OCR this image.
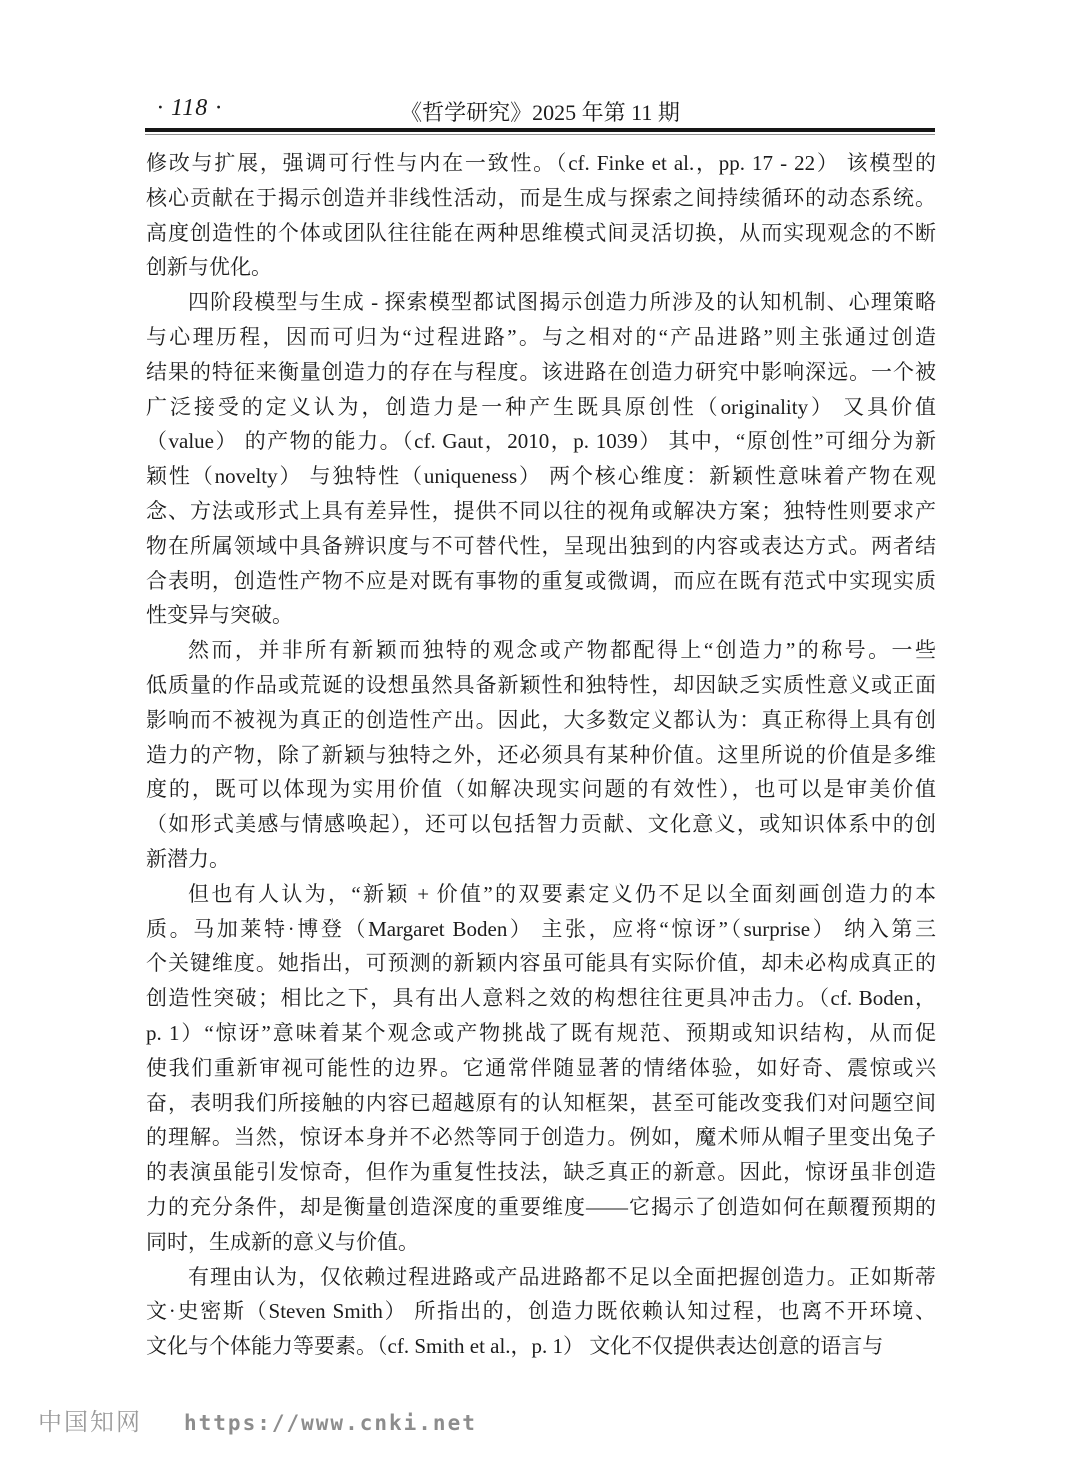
· 118 ·	《哲学研究》2025 年第 11 期
修改与扩展，强调可行性与内在一致性。（cf. Finke et al.，pp. 17 - 22） 该模型的
核心贡献在于揭示创造并非线性活动，而是生成与探索之间持续循环的动态系统。
高度创造性的个体或团队往往能在两种思维模式间灵活切换，从而实现观念的不断
创新与优化。
四阶段模型与生成 - 探索模型都试图揭示创造力所涉及的认知机制、心理策略
与心理历程，因而可归为“过程进路”。与之相对的“产品进路”则主张通过创造
结果的特征来衡量创造力的存在与程度。该进路在创造力研究中影响深远。一个被
广泛接受的定义认为，创造力是一种产生既具原创性（originality） 又具价值
（value） 的产物的能力。（cf. Gaut，2010，p. 1039） 其中，“原创性”可细分为新
颖性（novelty） 与独特性（uniqueness） 两个核心维度：新颖性意味着产物在观
念、方法或形式上具有差异性，提供不同以往的视角或解决方案；独特性则要求产
物在所属领域中具备辨识度与不可替代性，呈现出独到的内容或表达方式。两者结
合表明，创造性产物不应是对既有事物的重复或微调，而应在既有范式中实现实质
性变异与突破。
然而，并非所有新颖而独特的观念或产物都配得上“创造力”的称号。一些
低质量的作品或荒诞的设想虽然具备新颖性和独特性，却因缺乏实质性意义或正面
影响而不被视为真正的创造性产出。因此，大多数定义都认为：真正称得上具有创
造力的产物，除了新颖与独特之外，还必须具有某种价值。这里所说的价值是多维
度的，既可以体现为实用价值（如解决现实问题的有效性），也可以是审美价值
（如形式美感与情感唤起），还可以包括智力贡献、文化意义，或知识体系中的创
新潜力。
但也有人认为，“新颖 + 价值”的双要素定义仍不足以全面刻画创造力的本
质。马加莱特·博登（Margaret Boden） 主张，应将“惊讶”（surprise） 纳入第三
个关键维度。她指出，可预测的新颖内容虽可能具有实际价值，却未必构成真正的
创造性突破；相比之下，具有出人意料之效的构想往往更具冲击力。（cf. Boden，
p. 1）“惊讶”意味着某个观念或产物挑战了既有规范、预期或知识结构，从而促
使我们重新审视可能性的边界。它通常伴随显著的情绪体验，如好奇、震惊或兴
奋，表明我们所接触的内容已超越原有的认知框架，甚至可能改变我们对问题空间
的理解。当然，惊讶本身并不必然等同于创造力。例如，魔术师从帽子里变出兔子
的表演虽能引发惊奇，但作为重复性技法，缺乏真正的新意。因此，惊讶虽非创造
力的充分条件，却是衡量创造深度的重要维度——它揭示了创造如何在颠覆预期的
同时，生成新的意义与价值。
有理由认为，仅依赖过程进路或产品进路都不足以全面把握创造力。正如斯蒂
文·史密斯（Steven Smith） 所指出的，创造力既依赖认知过程，也离不开环境、
文化与个体能力等要素。（cf. Smith et al.，p. 1） 文化不仅提供表达创意的语言与
中国知网 https://www.cnki.net
